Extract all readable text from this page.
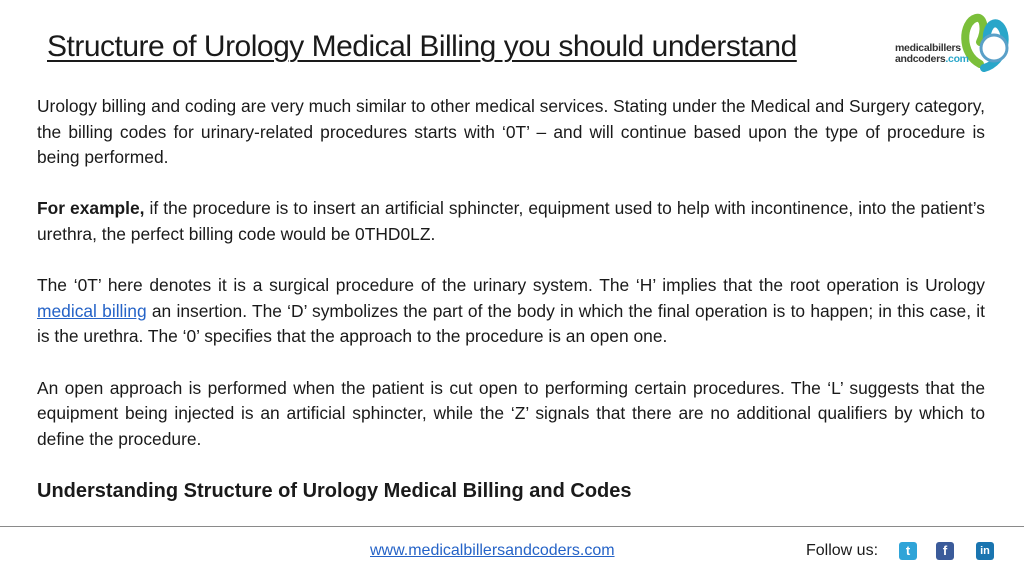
Structure of Urology Medical Billing you should understand	medicalbillers
andcoders.com

Urology billing and coding are very much similar to other medical services. Stating under the Medical and Surgery category, the billing codes for urinary-related procedures starts with ‘0T’ – and will continue based upon the type of procedure is being performed.

For example, if the procedure is to insert an artificial sphincter, equipment used to help with incontinence, into the patient’s urethra, the perfect billing code would be 0THD0LZ.

The ‘0T’ here denotes it is a surgical procedure of the urinary system. The ‘H’ implies that the root operation is Urology medical billing an insertion. The ‘D’ symbolizes the part of the body in which the final operation is to happen; in this case, it is the urethra. The ‘0’ specifies that the approach to the procedure is an open one.

An open approach is performed when the patient is cut open to performing certain procedures. The ‘L’ suggests that the equipment being injected is an artificial sphincter, while the ‘Z’ signals that there are no additional qualifiers by which to define the procedure.

Understanding Structure of Urology Medical Billing and Codes
www.medicalbillersandcoders.com	Follow us:	t	f	in
